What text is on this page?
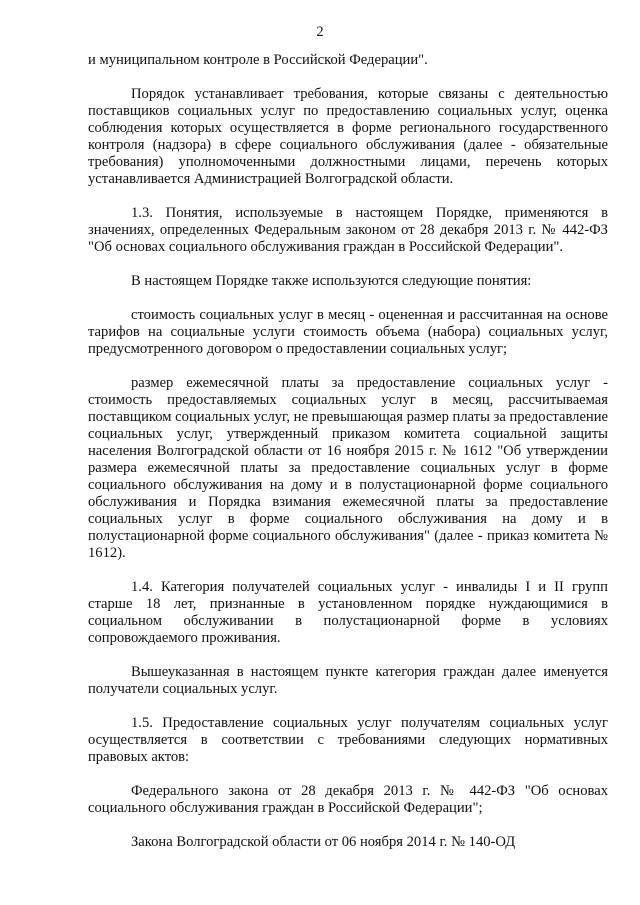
2

и муниципальном контроле в Российской Федерации".

Порядок устанавливает требования, которые связаны с деятельностью поставщиков социальных услуг по предоставлению социальных услуг, оценка соблюдения которых осуществляется в форме регионального государственного контроля (надзора) в сфере социального обслуживания (далее - обязательные требования) уполномоченными должностными лицами, перечень которых устанавливается Администрацией Волгоградской области.

1.3. Понятия, используемые в настоящем Порядке, применяются в значениях, определенных Федеральным законом от 28 декабря 2013 г. № 442-ФЗ "Об основах социального обслуживания граждан в Российской Федерации".

В настоящем Порядке также используются следующие понятия:

стоимость социальных услуг в месяц - оцененная и рассчитанная на основе тарифов на социальные услуги стоимость объема (набора) социальных услуг, предусмотренного договором о предоставлении социальных услуг;

размер ежемесячной платы за предоставление социальных услуг - стоимость предоставляемых социальных услуг в месяц, рассчитываемая поставщиком социальных услуг, не превышающая размер платы за предоставление социальных услуг, утвержденный приказом комитета социальной защиты населения Волгоградской области от 16 ноября 2015 г. № 1612 "Об утверждении размера ежемесячной платы за предоставление социальных услуг в форме социального обслуживания на дому и в полустационарной форме социального обслуживания и Порядка взимания ежемесячной платы за предоставление социальных услуг в форме социального обслуживания на дому и в полустационарной форме социального обслуживания" (далее - приказ комитета № 1612).

1.4. Категория получателей социальных услуг - инвалиды I и II групп старше 18 лет, признанные в установленном порядке нуждающимися в социальном обслуживании в полустационарной форме в условиях сопровождаемого проживания.

Вышеуказанная в настоящем пункте категория граждан далее именуется получатели социальных услуг.

1.5. Предоставление социальных услуг получателям социальных услуг осуществляется в соответствии с требованиями следующих нормативных правовых актов:

Федерального закона от 28 декабря 2013 г. № 442-ФЗ "Об основах социального обслуживания граждан в Российской Федерации";

Закона Волгоградской области от 06 ноября 2014 г. № 140-ОД
